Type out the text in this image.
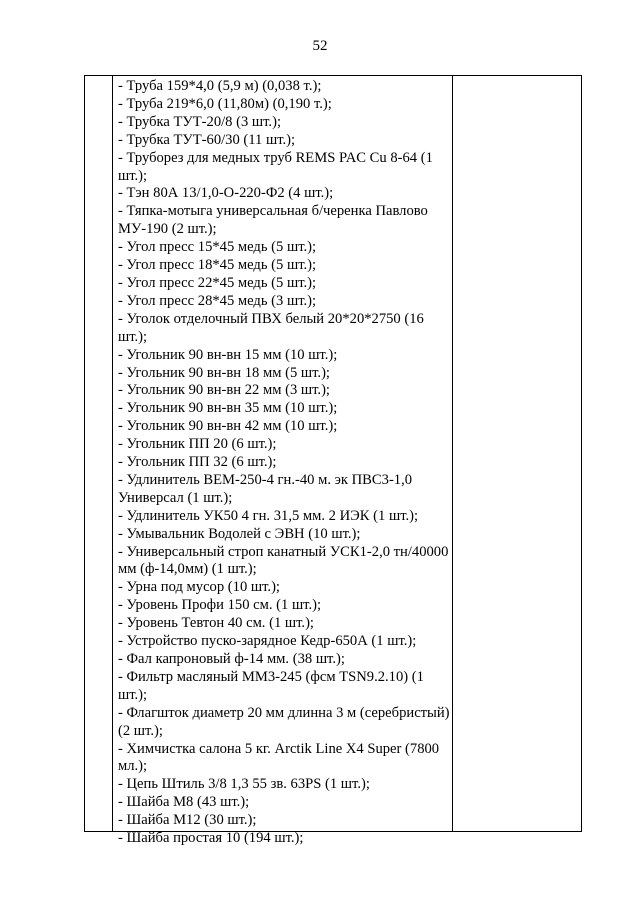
52
- Труба 159*4,0 (5,9 м) (0,038 т.);
- Труба 219*6,0 (11,80м) (0,190 т.);
- Трубка ТУТ-20/8 (3 шт.);
- Трубка ТУТ-60/30 (11 шт.);
- Труборез для медных труб REMS PAC Cu 8-64 (1 шт.);
- Тэн 80А 13/1,0-О-220-Ф2 (4 шт.);
- Тяпка-мотыга универсальная б/черенка Павлово МУ-190 (2 шт.);
- Угол пресс 15*45 медь (5 шт.);
- Угол пресс 18*45 медь (5 шт.);
- Угол пресс 22*45 медь (5 шт.);
- Угол пресс 28*45 медь (3 шт.);
- Уголок отделочный ПВХ белый 20*20*2750 (16 шт.);
- Угольник 90 вн-вн 15 мм (10 шт.);
- Угольник 90 вн-вн 18 мм (5 шт.);
- Угольник 90 вн-вн 22 мм (3 шт.);
- Угольник 90 вн-вн 35 мм (10 шт.);
- Угольник 90 вн-вн 42 мм (10 шт.);
- Угольник ПП 20 (6 шт.);
- Угольник ПП 32 (6 шт.);
- Удлинитель ВЕМ-250-4 гн.-40 м. эк ПВС3-1,0 Универсал (1 шт.);
- Удлинитель УК50 4 гн. 31,5 мм. 2 ИЭК (1 шт.);
- Умывальник Водолей с ЭВН (10 шт.);
- Универсальный строп канатный УСК1-2,0 тн/40000 мм (ф-14,0мм) (1 шт.);
- Урна под мусор (10 шт.);
- Уровень Профи 150 см. (1 шт.);
- Уровень Тевтон 40 см. (1 шт.);
- Устройство пуско-зарядное Кедр-650А (1 шт.);
- Фал капроновый ф-14 мм. (38 шт.);
- Фильтр масляный ММ3-245 (фсм TSN9.2.10) (1 шт.);
- Флагшток диаметр 20 мм длинна 3 м (серебристый) (2 шт.);
- Химчистка салона 5 кг. Arctik Line X4 Super (7800 мл.);
- Цепь Штиль 3/8 1,3 55 зв. 63PS (1 шт.);
- Шайба М8 (43 шт.);
- Шайба М12 (30 шт.);
- Шайба простая 10 (194 шт.);
